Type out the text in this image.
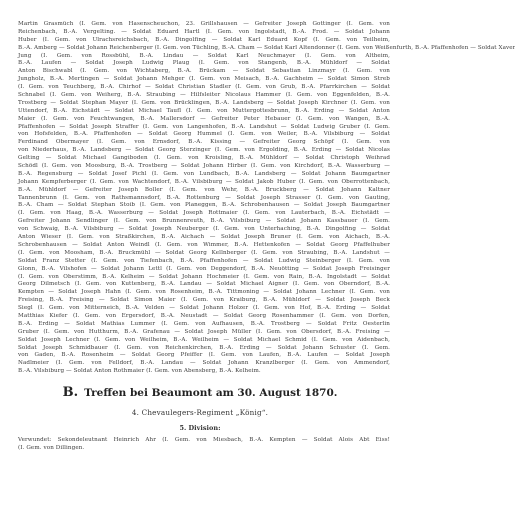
Martin Grasmüch (I. Gem. von Hasenscheuchon, 23. Grillshausen — Gefreiter Joseph Gottinger (I. Gem. von
Reichenbach, B.-A. Vergelting. — Soldat Eduard Hartl (I. Gem. von Ingolstadt, B.-A. Frod. — Soldat Johann
Huber (I. Gem. von Ulrachsreichsbach, B.-A. Dingolfing — Soldat Karl Eduard Kopf (I. Gem. von Teilheim,
B.-A. Amberg — Soldat Johann Reichenberger (I. Gem. von Tüchling, B.-A. Cham — Soldat Karl Altendonner (I. Gem. von Weißenfurth, B.-A. Pfaffenhofen — Soldat Xaver
Jung (I. Gem. von Rossbühl, B.-A. Lindau — Soldat Karl Neuchmayer (I. Gem. von Altheim,
B.-A. Laufen — Soldat Joseph Ludwig Plaug (I. Gem. von Stangenb, B.-A. Mühldorf — Soldat
Anton Bischwabl (I. Gem. von Wichtaberg, B.-A. Brückam — Soldat Sebastian Linzmayr (I. Gem. von
Jungholz, B.-A. Mertingen — Soldat Johann Mehger (I. Gem. von Meisach, B.-A. Gachheim — Soldat Simon Streb
(I. Gem. von Teuchberg, B.-A. Chirhof — Soldat Christian Stadler (I. Gem. von Grub, B.-A. Pfarrkirchen — Soldat
Schnabel (I. Gem. von Weiherg, B.-A. Straubing — Hilfsleiter Nicolaus Hammer (I. Gem. von Eggenfelden, B.-A.
Trostberg — Soldat Stephan Mayer (I. Gem. von Brücklingen, B.-A. Landsberg — Soldat Joseph Kirchner (I. Gem. von
Uttendorf, B.-A. Eichstädt — Soldat Michael Taufl (I. Gem. von Muttergottesbrunn, B.-A. Erding — Soldat Anton
Maier (I. Gem. von Feuchtwangen, B.-A. Mallersdorf — Gefreiter Peter Hebauer (I. Gem. von Wangen, B.-A.
Pfaffenhofen — Soldat Joseph Straffer (I. Gem. von Langenhofen, B.-A. Landshut — Soldat Ludwig Gruber (I. Gem.
von Hofsfelden, B.-A. Pfaffenhofen — Soldat Georg Hummel (I. Gem. von Weiler, B.-A. Vilsbiburg — Soldat
Ferdinand Obermayer (I. Gem. von Ernsdorf, B.-A. Kissing — Gefreiter Georg Schöpf (I. Gem. von
von Niederhaus, B.-A. Landsberg — Soldat Georg Sterzinger (I. Gem. von Ergolding, B.-A. Erding — Soldat Nicolas
Gelting — Soldat Michael Gangiboden (I. Gem. von Kroisling, B.-A. Mühldorf — Soldat Christoph Weihrad
Schödl (I. Gem. von Moosburg, B.-A. Trostberg — Soldat Johann Hirber (I. Gem. von Kirchdorf, B.-A. Wasserburg —
B.-A. Regensburg — Soldat Josef Pichl (I. Gem. von Lundbach, B.-A. Landsberg — Soldat Johann Baumgartner
Johann Kempferberger (I. Gem. von Wachtendorf, B.-A. Vilsbiburg — Soldat Jakob Huber (I. Gem. von Oberrottenbach,
B.-A. Mühldorf — Gefreiter Joseph Boller (I. Gem. von Wehr, B.-A. Bruckberg — Soldat Johann Kaltner
Tannenbrunn (I. Gem. von Rathsmannsdorf, B.-A. Rottenburg — Soldat Joseph Strasser (I. Gem. von Gauting,
B.-A. Cham — Soldat Stephan Stoib (I. Gem. von Planeggen, B.-A. Schrobenhausen — Soldat Joseph Baumgartner
(I. Gem. von Haag, B.-A. Wasserburg — Soldat Joseph Rottmaier (I. Gem. von Lauterbach, B.-A. Eichstädt —
Gefreiter Johann Sendlinger (I. Gem. von Brunnenreuth, B.-A. Vilsbiburg — Soldat Johann Kassbauer (I. Gem.
von Schwaig, B.-A. Vilsbiburg — Soldat Joseph Neuberger (I. Gem. von Unterhaching, B.-A. Dingolfing — Soldat
Anton Wieser (I. Gem. von Straßkirchen, B.-A. Aichach — Soldat Joseph Bruner (I. Gem. von Aichach, B.-A.
Schrobenhausen — Soldat Anton Weindl (I. Gem. von Wimmer, B.-A. Hettenkofen — Soldat Georg Pfaffelhuber
(I. Gem. von Moosham, B.-A. Bruckmühl — Soldat Georg Kellnberger (I. Gem. von Straubing, B.-A. Landshut —
Soldat Franz Stetter (I. Gem. von Tiefenbach, B.-A. Pfaffenhofen — Soldat Ludwig Steinberger (I. Gem. von
Glonn, B.-A. Vilshofen — Soldat Johann Lettl (I. Gem. von Deggendorf, B.-A. Neuötting — Soldat Joseph Freisinger
(I. Gem. von Oberstimm, B.-A. Kelheim — Soldat Johann Hochmeier (I. Gem. von Rain, B.-A. Ingolstadt — Soldat
Georg Dilmetsch (I. Gem. von Kuttenberg, B.-A. Landau — Soldat Michael Aigner (I. Gem. von Oberndorf, B.-A.
Kempten — Soldat Joseph Hahn (I. Gem. von Rosenheim, B.-A. Tittmoning — Soldat Johann Lechner (I. Gem. von
Freising, B.-A. Freising — Soldat Simon Maier (I. Gem. von Kraiburg, B.-A. Mühldorf — Soldat Joseph Beck
Siegl (I. Gem. von Mitterneich, B.-A. Velden — Soldat Johann Holzer (I. Gem. von Hof, B.-A. Erding — Soldat
Matthias Kiefer (I. Gem. von Ergersdorf, B.-A. Neustadt — Soldat Georg Rosenhammer (I. Gem. von Dorfen,
B.-A. Erding — Soldat Mathias Lummer (I. Gem. von Aufhausen, B.-A. Trostberg — Soldat Fritz Oesterlin
Gruber (I. Gem. von Hutthurm, B.-A. Grafenau — Soldat Joseph Müller (I. Gem. von Obersdorf, B.-A. Freising —
Soldat Joseph Lechner (I. Gem. von Weilheim, B.-A. Weilheim — Soldat Michael Schmid (I. Gem. von Aidenbach,
Soldat Joseph Schmidbauer (I. Gem. von Reichenkirchen, B.-A. Erding — Soldat Johann Schuster (I. Gem.
von Gaden, B.-A. Rosenheim — Soldat Georg Pfeiffer (I. Gem. von Laufen, B.-A. Laufen — Soldat Joseph
Nadlmeier (I. Gem. von Felldorf, B.-A. Landau — Soldat Johann Kranzlberger (I. Gem. von Ammendorf,
B.-A. Vilsbiburg — Soldat Anton Rothmaier (I. Gem. von Abensberg, B.-A. Kelheim.
B. Treffen bei Beaumont am 30. August 1870.
4. Chevaulegers-Regiment „König“.
5. Division:
Verwundet: Sekondeleutnant Heinrich Ahr (I. Gem. von Miesbach, B.-A. Kempten — Soldat Alois Abt Eiss!
(I. Gem. von Dillingen.
